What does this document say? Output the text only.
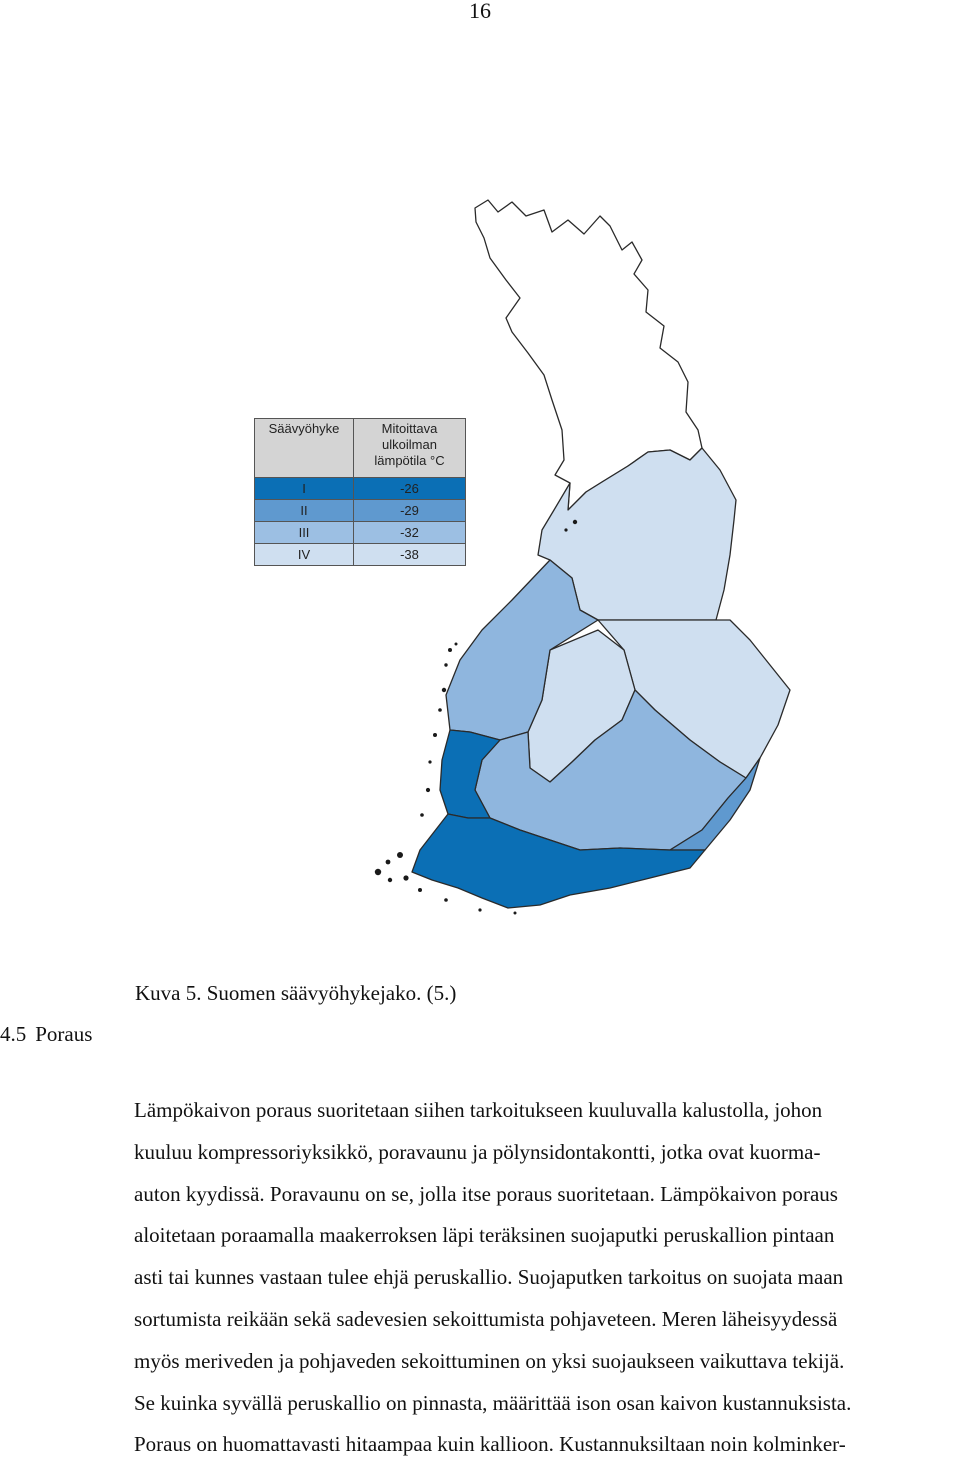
16
Säävyöhyke	Mitoittava
ulkoilman
lämpötila °C
I	-26
II	-29
III	-32
IV	-38
Kuva 5. Suomen säävyöhykejako. (5.)
4.5 Poraus
Lämpökaivon poraus suoritetaan siihen tarkoitukseen kuuluvalla kalustolla, johon
kuuluu kompressoriyksikkö, poravaunu ja pölynsidontakontti, jotka ovat kuorma-
auton kyydissä. Poravaunu on se, jolla itse poraus suoritetaan. Lämpökaivon poraus
aloitetaan poraamalla maakerroksen läpi teräksinen suojaputki peruskallion pintaan
asti tai kunnes vastaan tulee ehjä peruskallio. Suojaputken tarkoitus on suojata maan
sortumista reikään sekä sadevesien sekoittumista pohjaveteen. Meren läheisyydessä
myös meriveden ja pohjaveden sekoittuminen on yksi suojaukseen vaikuttava tekijä.
Se kuinka syvällä peruskallio on pinnasta, määrittää ison osan kaivon kustannuksista.
Poraus on huomattavasti hitaampaa kuin kallioon. Kustannuksiltaan noin kolminker-
